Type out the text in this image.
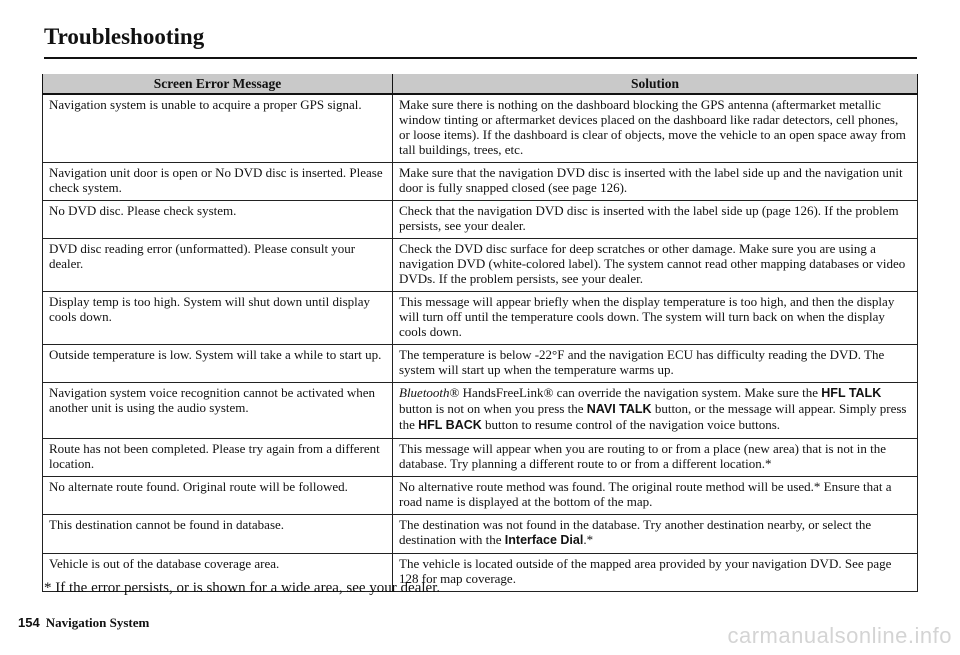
Troubleshooting
Screen Error Message	Solution
Navigation system is unable to acquire a proper GPS signal.	Make sure there is nothing on the dashboard blocking the GPS antenna (aftermarket metallic window tinting or aftermarket devices placed on the dashboard like radar detectors, cell phones, or loose items). If the dashboard is clear of objects, move the vehicle to an open space away from tall buildings, trees, etc.
Navigation unit door is open or No DVD disc is inserted. Please check system.	Make sure that the navigation DVD disc is inserted with the label side up and the navigation unit door is fully snapped closed (see page 126).
No DVD disc. Please check system.	Check that the navigation DVD disc is inserted with the label side up (page 126). If the problem persists, see your dealer.
DVD disc reading error (unformatted). Please consult your dealer.	Check the DVD disc surface for deep scratches or other damage. Make sure you are using a navigation DVD (white-colored label). The system cannot read other mapping databases or video DVDs. If the problem persists, see your dealer.
Display temp is too high. System will shut down until display cools down.	This message will appear briefly when the display temperature is too high, and then the display will turn off until the temperature cools down. The system will turn back on when the display cools down.
Outside temperature is low. System will take a while to start up.	The temperature is below -22°F and the navigation ECU has difficulty reading the DVD. The system will start up when the temperature warms up.
Navigation system voice recognition cannot be activated when another unit is using the audio system.	Bluetooth® HandsFreeLink® can override the navigation system. Make sure the HFL TALK button is not on when you press the NAVI TALK button, or the message will appear. Simply press the HFL BACK button to resume control of the navigation voice buttons.
Route has not been completed. Please try again from a different location.	This message will appear when you are routing to or from a place (new area) that is not in the database. Try planning a different route to or from a different location.*
No alternate route found. Original route will be followed.	No alternative route method was found. The original route method will be used.* Ensure that a road name is displayed at the bottom of the map.
This destination cannot be found in database.	The destination was not found in the database. Try another destination nearby, or select the destination with the Interface Dial.*
Vehicle is out of the database coverage area.	The vehicle is located outside of the mapped area provided by your navigation DVD. See page 128 for map coverage.
* If the error persists, or is shown for a wide area, see your dealer.
154 Navigation System
carmanualsonline.info
